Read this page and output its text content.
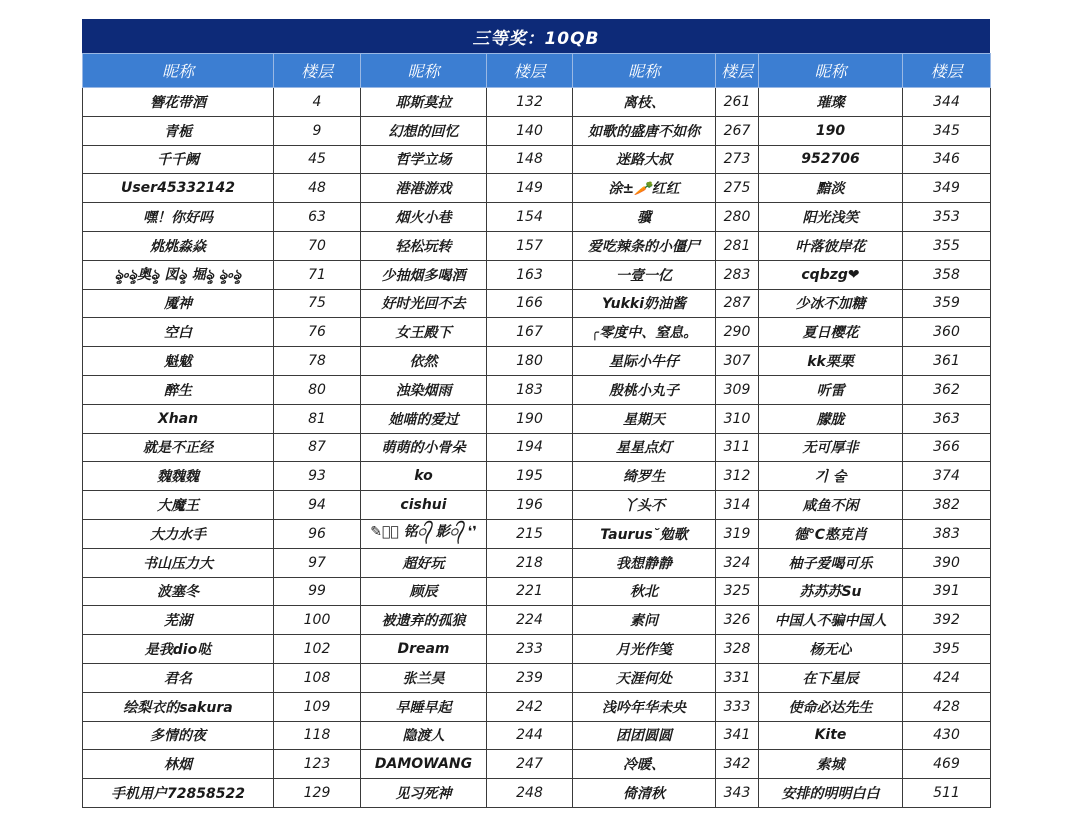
三等奖：10QB
昵称	楼层	昵称	楼层	昵称	楼层	昵称	楼层
簪花带酒	4	耶斯莫拉	132	离枝、	261	璀璨	344
青栀	9	幻想的回忆	140	如歌的盛唐不如你	267	190	345
千千阙	45	哲学立场	148	迷路大叔	273	952706	346
User45332142	48	港港游戏	149	涂±🥕红红	275	黯淡	349
嘿！你好吗	63	烟火小巷	154	骥	280	阳光浅笑	353
烑烑淼焱	70	轻松玩转	157	爱吃辣条的小僵尸	281	叶落彼岸花	355
ৡ৹ৡ奥ৡ 図ৡ 堀ৡ ৡ৹ৡ	71	少抽烟多喝酒	163	一壹一亿	283	cqbzg❤	358
魇神	75	好时光回不去	166	Yukki奶油酱	287	少冰不加糖	359
空白	76	女王殿下	167	╭零度中、窒息。	290	夏日樱花	360
魁魃	78	依然	180	星际小牛仔	307	kk栗栗	361
醉生	80	浊染烟雨	183	殷桃小丸子	309	听雷	362
Xhan	81	她喵的爱过	190	星期天	310	朦胧	363
就是不正经	87	萌萌的小骨朵	194	星星点灯	311	无可厚非	366
魏魏魏	93	ko	195	绮罗生	312	기 술	374
大魔王	94	cishui	196	丫头不	314	咸鱼不闲	382
大力水手	96	✎﹏᭄ 铭᭄ 影᭄ ❛❜	215	Taurus˘勉歌	319	德℃憨克肖	383
书山压力大	97	超好玩	218	我想静静	324	柚子爱喝可乐	390
波塞冬	99	顾辰	221	秋北	325	苏苏苏Su	391
芜湖	100	被遗弃的孤狼	224	素问	326	中国人不骗中国人	392
是我dio哒	102	Dream	233	月光作笺	328	杨无心	395
君名	108	张兰昊	239	天涯何处	331	在下星辰	424
绘梨衣的sakura	109	早睡早起	242	浅吟年华未央	333	使命必达先生	428
多情的夜	118	隐渡人	244	团团圆圆	341	Kite	430
林烟	123	DAMOWANG	247	冷暖、	342	索城	469
手机用户72858522	129	见习死神	248	倚清秋	343	安排的明明白白	511
